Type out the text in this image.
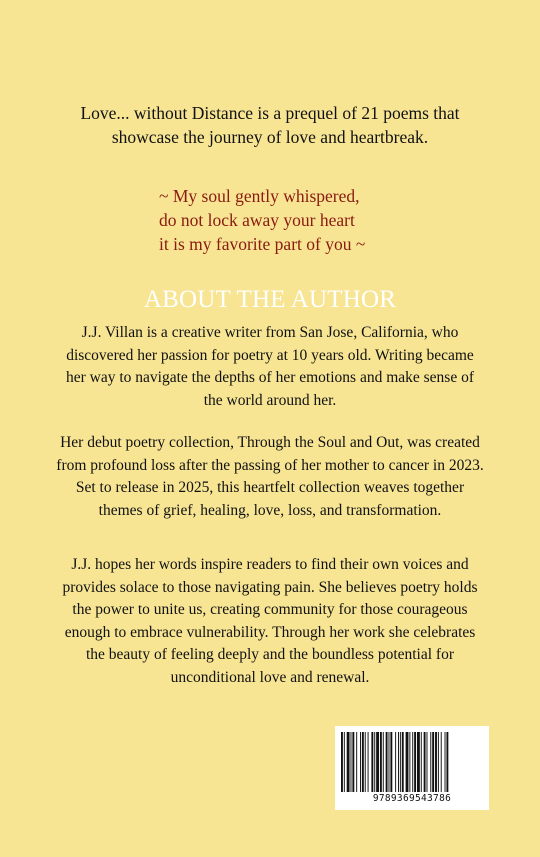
Love... without Distance is a prequel of 21 poems that
showcase the journey of love and heartbreak.
~ My soul gently whispered,
do not lock away your heart
it is my favorite part of you ~
ABOUT THE AUTHOR
J.J. Villan is a creative writer from San Jose, California, who discovered her passion for poetry at 10 years old. Writing became her way to navigate the depths of her emotions and make sense of the world around her.
Her debut poetry collection, Through the Soul and Out, was created from profound loss after the passing of her mother to cancer in 2023. Set to release in 2025, this heartfelt collection weaves together themes of grief, healing, love, loss, and transformation.
J.J. hopes her words inspire readers to find their own voices and provides solace to those navigating pain. She believes poetry holds the power to unite us, creating community for those courageous enough to embrace vulnerability. Through her work she celebrates the beauty of feeling deeply and the boundless potential for unconditional love and renewal.
9789369543786
